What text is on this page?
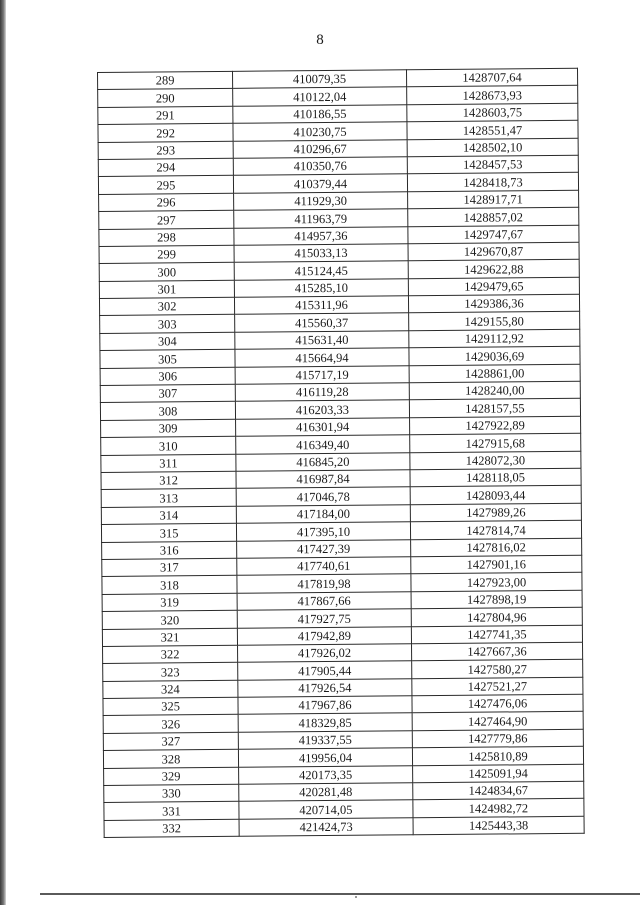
8
289	410079,35	1428707,64
290	410122,04	1428673,93
291	410186,55	1428603,75
292	410230,75	1428551,47
293	410296,67	1428502,10
294	410350,76	1428457,53
295	410379,44	1428418,73
296	411929,30	1428917,71
297	411963,79	1428857,02
298	414957,36	1429747,67
299	415033,13	1429670,87
300	415124,45	1429622,88
301	415285,10	1429479,65
302	415311,96	1429386,36
303	415560,37	1429155,80
304	415631,40	1429112,92
305	415664,94	1429036,69
306	415717,19	1428861,00
307	416119,28	1428240,00
308	416203,33	1428157,55
309	416301,94	1427922,89
310	416349,40	1427915,68
311	416845,20	1428072,30
312	416987,84	1428118,05
313	417046,78	1428093,44
314	417184,00	1427989,26
315	417395,10	1427814,74
316	417427,39	1427816,02
317	417740,61	1427901,16
318	417819,98	1427923,00
319	417867,66	1427898,19
320	417927,75	1427804,96
321	417942,89	1427741,35
322	417926,02	1427667,36
323	417905,44	1427580,27
324	417926,54	1427521,27
325	417967,86	1427476,06
326	418329,85	1427464,90
327	419337,55	1427779,86
328	419956,04	1425810,89
329	420173,35	1425091,94
330	420281,48	1424834,67
331	420714,05	1424982,72
332	421424,73	1425443,38
